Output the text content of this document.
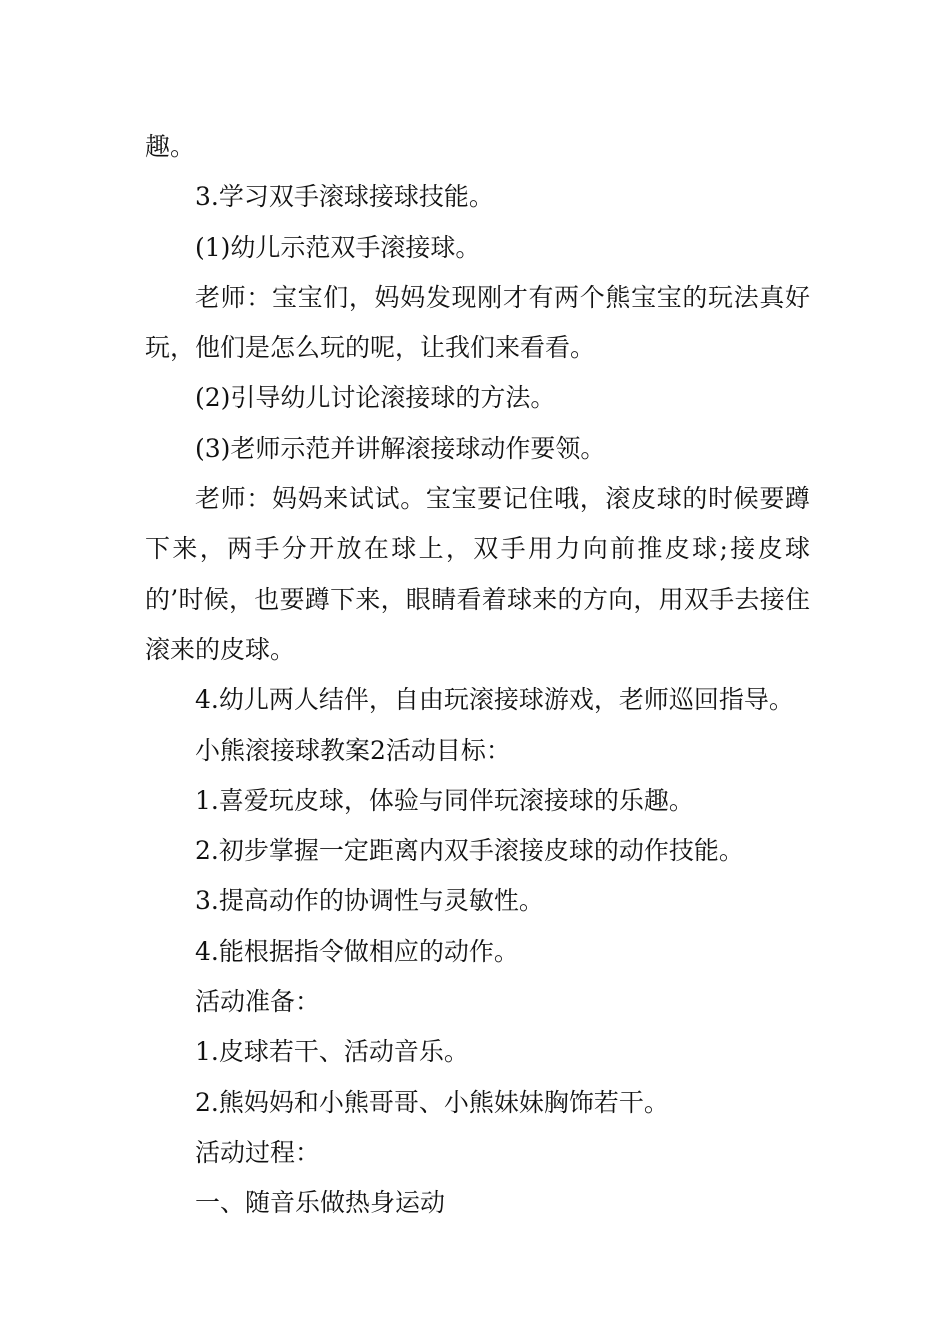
趣。

3.学习双手滚球接球技能。

(1)幼儿示范双手滚接球。

老师：宝宝们，妈妈发现刚才有两个熊宝宝的玩法真好玩，他们是怎么玩的呢，让我们来看看。

(2)引导幼儿讨论滚接球的方法。

(3)老师示范并讲解滚接球动作要领。

老师：妈妈来试试。宝宝要记住哦，滚皮球的时候要蹲下来，两手分开放在球上，双手用力向前推皮球;接皮球的’时候，也要蹲下来，眼睛看着球来的方向，用双手去接住滚来的皮球。

4.幼儿两人结伴，自由玩滚接球游戏，老师巡回指导。

小熊滚接球教案2活动目标：

1.喜爱玩皮球，体验与同伴玩滚接球的乐趣。

2.初步掌握一定距离内双手滚接皮球的动作技能。

3.提高动作的协调性与灵敏性。

4.能根据指令做相应的动作。

活动准备：

1.皮球若干、活动音乐。

2.熊妈妈和小熊哥哥、小熊妹妹胸饰若干。

活动过程：

一、随音乐做热身运动
